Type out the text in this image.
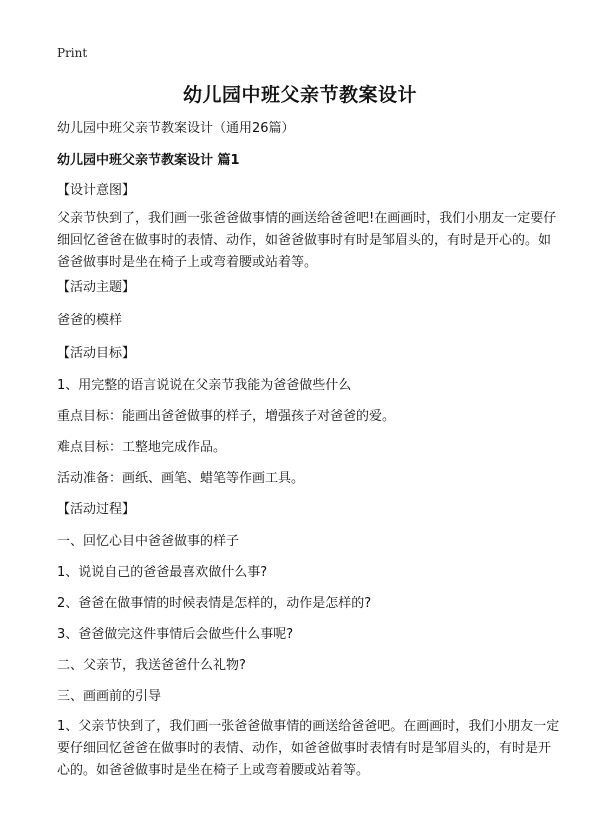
Print
幼儿园中班父亲节教案设计
幼儿园中班父亲节教案设计（通用26篇）
幼儿园中班父亲节教案设计 篇1
【设计意图】
父亲节快到了，我们画一张爸爸做事情的画送给爸爸吧!在画画时，我们小朋友一定要仔细回忆爸爸在做事时的表情、动作，如爸爸做事时有时是邹眉头的，有时是开心的。如爸爸做事时是坐在椅子上或弯着腰或站着等。
【活动主题】
爸爸的模样
【活动目标】
1、用完整的语言说说在父亲节我能为爸爸做些什么
重点目标：能画出爸爸做事的样子，增强孩子对爸爸的爱。
难点目标：工整地完成作品。
活动准备：画纸、画笔、蜡笔等作画工具。
【活动过程】
一、回忆心目中爸爸做事的样子
1、说说自己的爸爸最喜欢做什么事?
2、爸爸在做事情的时候表情是怎样的，动作是怎样的?
3、爸爸做完这件事情后会做些什么事呢?
二、父亲节，我送爸爸什么礼物?
三、画画前的引导
1、父亲节快到了，我们画一张爸爸做事情的画送给爸爸吧。在画画时，我们小朋友一定要仔细回忆爸爸在做事时的表情、动作，如爸爸做事时表情有时是邹眉头的，有时是开心的。如爸爸做事时是坐在椅子上或弯着腰或站着等。
